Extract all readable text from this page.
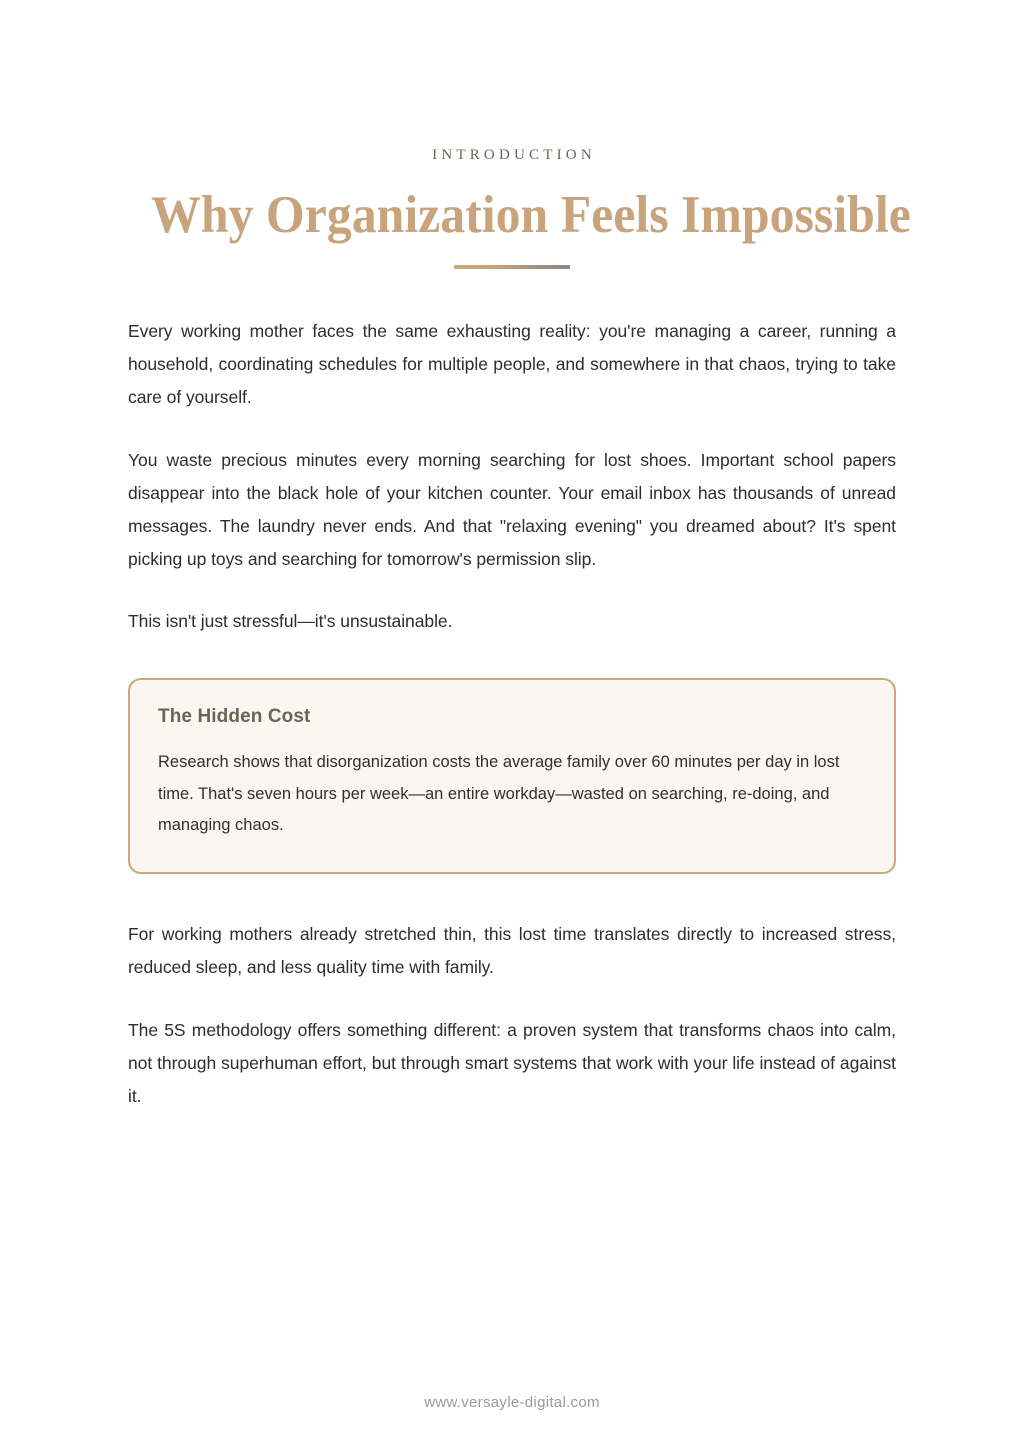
INTRODUCTION
Why Organization Feels Impossible

Every working mother faces the same exhausting reality: you're managing a career, running a household, coordinating schedules for multiple people, and somewhere in that chaos, trying to take care of yourself.

You waste precious minutes every morning searching for lost shoes. Important school papers disappear into the black hole of your kitchen counter. Your email inbox has thousands of unread messages. The laundry never ends. And that "relaxing evening" you dreamed about? It's spent picking up toys and searching for tomorrow's permission slip.

This isn't just stressful—it's unsustainable.

The Hidden Cost

Research shows that disorganization costs the average family over 60 minutes per day in lost time. That's seven hours per week—an entire workday—wasted on searching, re-doing, and managing chaos.

For working mothers already stretched thin, this lost time translates directly to increased stress, reduced sleep, and less quality time with family.

The 5S methodology offers something different: a proven system that transforms chaos into calm, not through superhuman effort, but through smart systems that work with your life instead of against it.

www.versayle-digital.com
